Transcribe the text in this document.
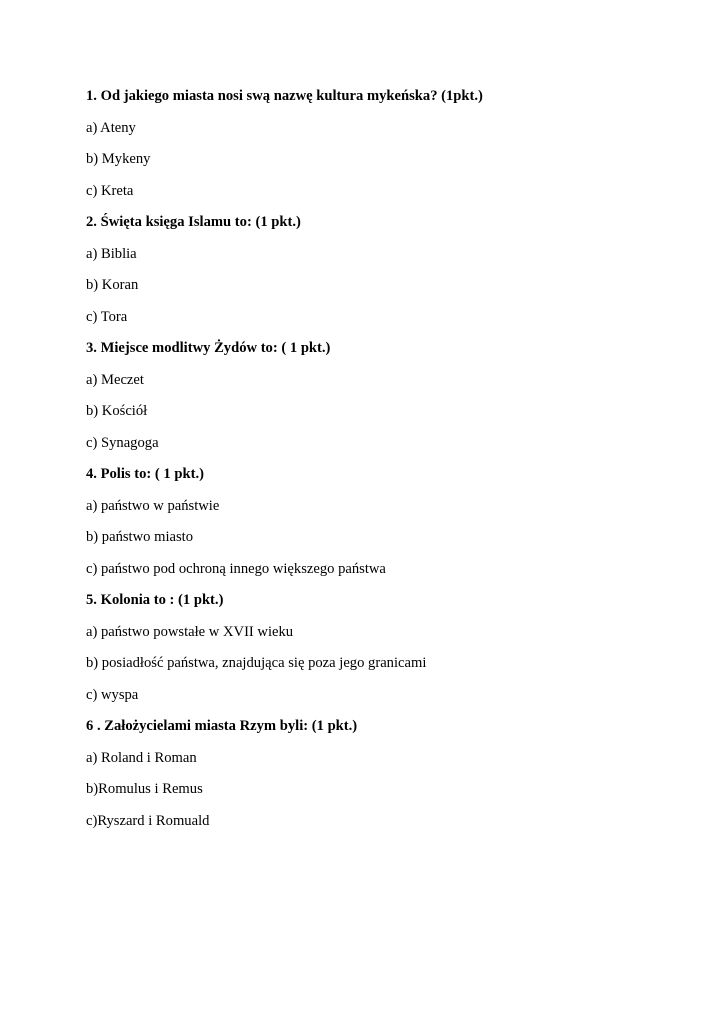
1. Od jakiego miasta nosi swą nazwę kultura mykeńska? (1pkt.)
a) Ateny
b) Mykeny
c) Kreta
2. Święta księga Islamu to: (1 pkt.)
a) Biblia
b) Koran
c) Tora
3. Miejsce modlitwy Żydów to: ( 1 pkt.)
a) Meczet
b) Kościół
c) Synagoga
4. Polis to: ( 1 pkt.)
a) państwo w państwie
b) państwo miasto
c) państwo pod ochroną innego większego państwa
5. Kolonia to : (1 pkt.)
a) państwo powstałe w XVII wieku
b) posiadłość państwa, znajdująca się poza jego granicami
c) wyspa
6 . Założycielami miasta Rzym byli: (1 pkt.)
a) Roland i Roman
b)Romulus i Remus
c)Ryszard i Romuald
